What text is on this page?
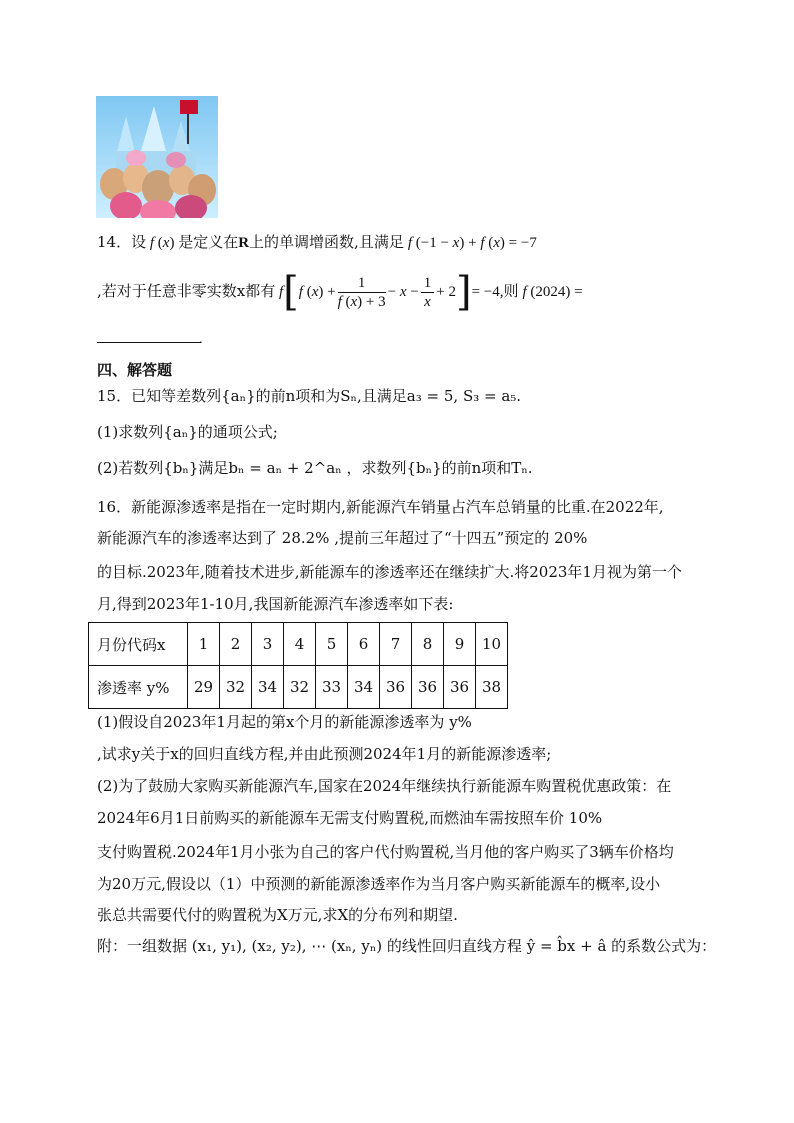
14．设 f (x) 是定义在R上的单调增函数,且满足 f (−1 − x) + f (x) = −7
,若对于任意非零实数x都有 f[f $(x) + \frac{1}{f (x) + 3} - x - \frac{1}{x} + 2]= -4$,则 f (2024) =
.
四、解答题
15．已知等差数列{aₙ}的前n项和为Sₙ,且满足a₃ = 5, S₃ = a₅.
(1)求数列{aₙ}的通项公式;
(2)若数列{bₙ}满足bₙ = aₙ + 2^aₙ ，求数列{bₙ}的前n项和Tₙ.
16．新能源渗透率是指在一定时期内,新能源汽车销量占汽车总销量的比重.在2022年,
新能源汽车的渗透率达到了 28.2% ,提前三年超过了“十四五”预定的 20%
的目标.2023年,随着技术进步,新能源车的渗透率还在继续扩大.将2023年1月视为第一个
月,得到2023年1-10月,我国新能源汽车渗透率如下表:
月份代码x	1	2	3	4	5	6	7	8	9	10
渗透率 y%	29	32	34	32	33	34	36	36	36	38
(1)假设自2023年1月起的第x个月的新能源渗透率为 y%
,试求y关于x的回归直线方程,并由此预测2024年1月的新能源渗透率;
(2)为了鼓励大家购买新能源汽车,国家在2024年继续执行新能源车购置税优惠政策：在
2024年6月1日前购买的新能源车无需支付购置税,而燃油车需按照车价 10%
支付购置税.2024年1月小张为自己的客户代付购置税,当月他的客户购买了3辆车价格均
为20万元,假设以（1）中预测的新能源渗透率作为当月客户购买新能源车的概率,设小
张总共需要代付的购置税为X万元,求X的分布列和期望.
附：一组数据 (x₁, y₁), (x₂, y₂), ⋯ (xₙ, yₙ) 的线性回归直线方程 ŷ = b̂x + â 的系数公式为：
